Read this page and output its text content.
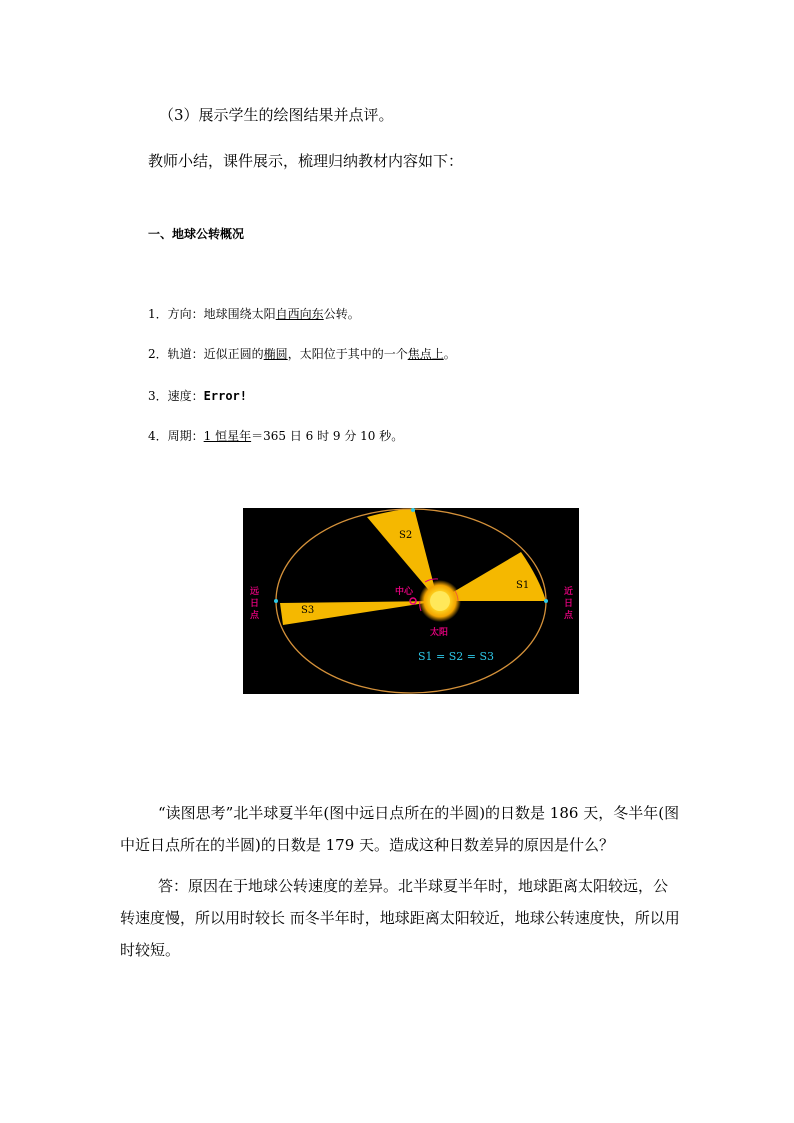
（3）展示学生的绘图结果并点评。
教师小结，课件展示，梳理归纳教材内容如下：
一、地球公转概况
1．方向：地球围绕太阳自西向东公转。
2．轨道：近似正圆的椭圆，太阳位于其中的一个焦点上。
3．速度：Error!
4．周期：1 恒星年＝365 日 6 时 9 分 10 秒。
S1
S2
S3
中心
太阳
远
日
点
近
日
点
S1 = S2 = S3
“读图思考”北半球夏半年(图中远日点所在的半圆)的日数是 186 天，冬半年(图中近日点所在的半圆)的日数是 179 天。造成这种日数差异的原因是什么？
答：原因在于地球公转速度的差异。北半球夏半年时，地球距离太阳较远，公转速度慢，所以用时较长 而冬半年时，地球距离太阳较近，地球公转速度快，所以用时较短。
